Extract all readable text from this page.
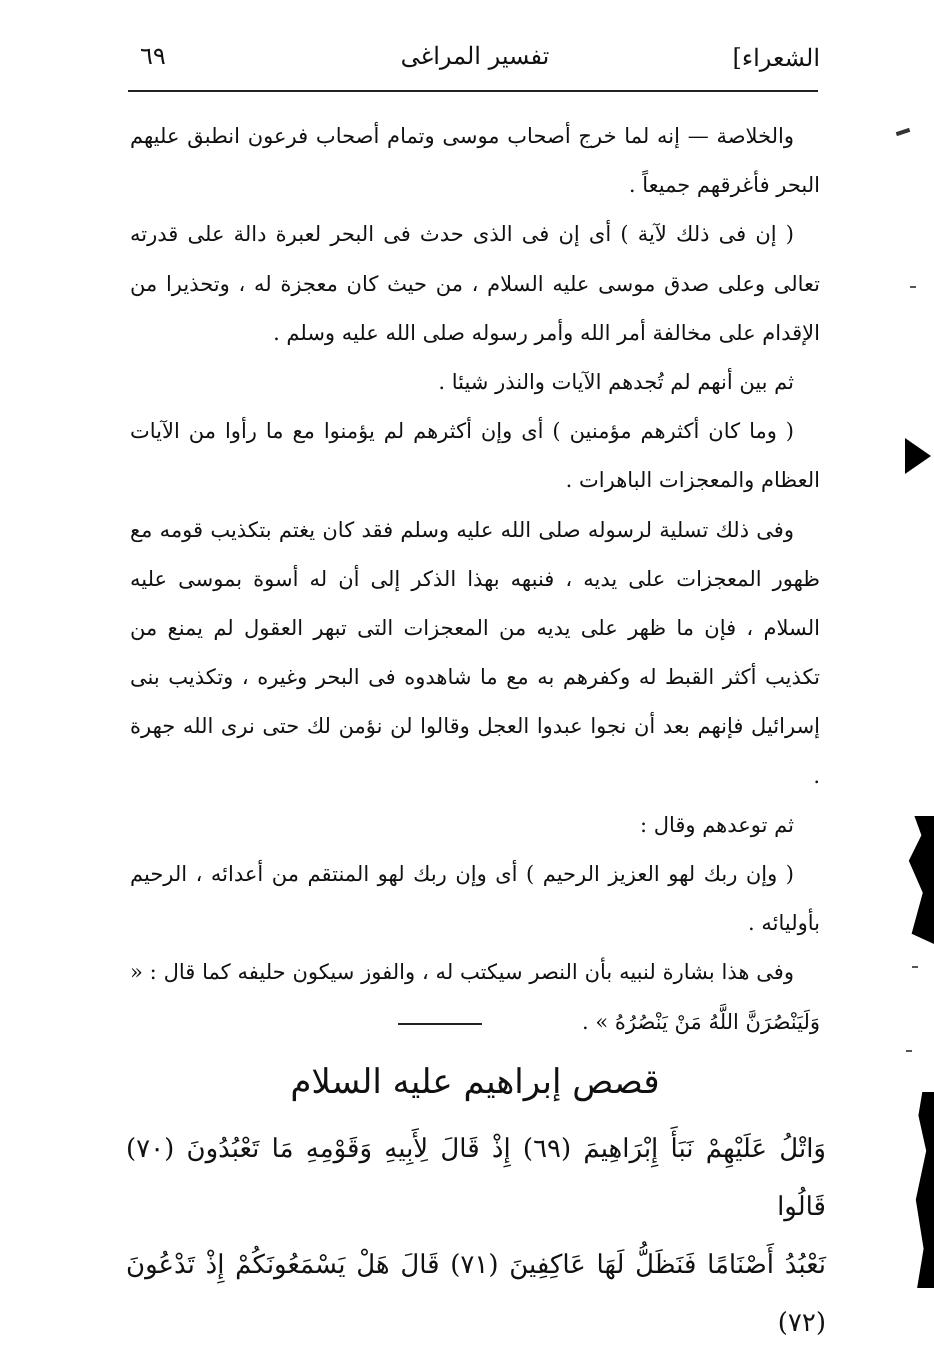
الشعراء]
تفسير المراغى
٦٩

والخلاصة — إنه لما خرج أصحاب موسى وتمام أصحاب فرعون انطبق عليهم البحر فأغرقهم جميعاً .

( إن فى ذلك لآية ) أى إن فى الذى حدث فى البحر لعبرة دالة على قدرته تعالى وعلى صدق موسى عليه السلام ، من حيث كان معجزة له ، وتحذيرا من الإقدام على مخالفة أمر الله وأمر رسوله صلى الله عليه وسلم .

ثم بين أنهم لم تُجدهم الآيات والنذر شيئا .

( وما كان أكثرهم مؤمنين ) أى وإن أكثرهم لم يؤمنوا مع ما رأوا من الآيات العظام والمعجزات الباهرات .

وفى ذلك تسلية لرسوله صلى الله عليه وسلم فقد كان يغتم بتكذيب قومه مع ظهور المعجزات على يديه ، فنبهه بهذا الذكر إلى أن له أسوة بموسى عليه السلام ، فإن ما ظهر على يديه من المعجزات التى تبهر العقول لم يمنع من تكذيب أكثر القبط له وكفرهم به مع ما شاهدوه فى البحر وغيره ، وتكذيب بنى إسرائيل فإنهم بعد أن نجوا عبدوا العجل وقالوا لن نؤمن لك حتى نرى الله جهرة .

ثم توعدهم وقال :

( وإن ربك لهو العزيز الرحيم ) أى وإن ربك لهو المنتقم من أعدائه ، الرحيم بأوليائه .

وفى هذا بشارة لنبيه بأن النصر سيكتب له ، والفوز سيكون حليفه كما قال : « وَلَيَنْصُرَنَّ اللَّهُ مَنْ يَنْصُرُهُ » .

قصص إبراهيم عليه السلام
وَاتْلُ عَلَيْهِمْ نَبَأَ إِبْرَاهِيمَ (٦٩) إِذْ قَالَ لِأَبِيهِ وَقَوْمِهِ مَا تَعْبُدُونَ (٧٠) قَالُوا
نَعْبُدُ أَصْنَامًا فَنَظَلُّ لَهَا عَاكِفِينَ (٧١) قَالَ هَلْ يَسْمَعُونَكُمْ إِذْ تَدْعُونَ (٧٢)
